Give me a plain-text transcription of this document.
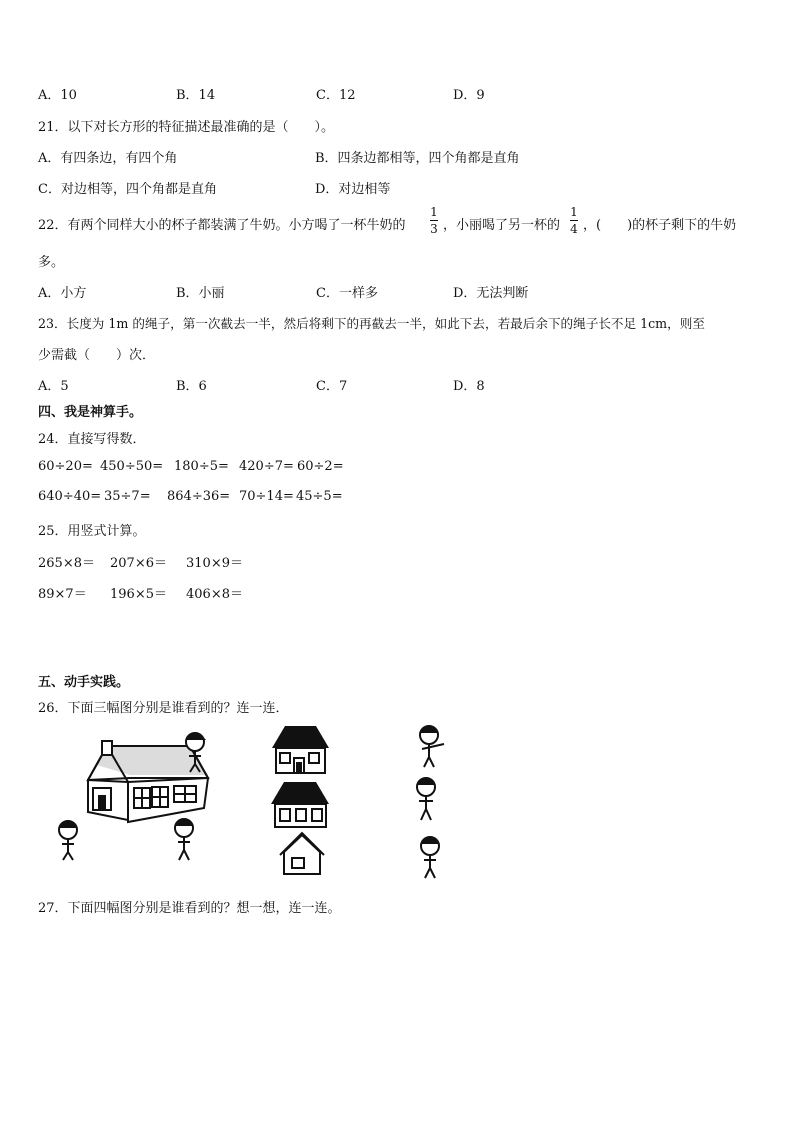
A．10	B．14	C．12	D．9
21．以下对长方形的特征描述最准确的是（　　）。
A．有四条边，有四个角	B．四条边都相等，四个角都是直角
C．对边相等，四个角都是直角	D．对边相等
22．有两个同样大小的杯子都装满了牛奶。小方喝了一杯牛奶的
1
3 ，小丽喝了另一杯的
1
4 ，(　　)的杯子剩下的牛奶
多。
A．小方	B．小丽	C．一样多	D．无法判断
23．长度为 1m 的绳子，第一次截去一半，然后将剩下的再截去一半，如此下去，若最后余下的绳子长不足 1cm，则至
少需截（　　）次．
A．5	B．6	C．7	D．8
四、我是神算手。
24．直接写得数．
60÷20= 450÷50= 180÷5= 420÷7= 60÷2=
640÷40= 35÷7= 864÷36= 70÷14= 45÷5=
25．用竖式计算。
265×8＝ 207×6＝ 310×9＝
89×7＝ 196×5＝ 406×8＝
五、动手实践。
26．下面三幅图分别是谁看到的？连一连．
27．下面四幅图分别是谁看到的？想一想，连一连。
